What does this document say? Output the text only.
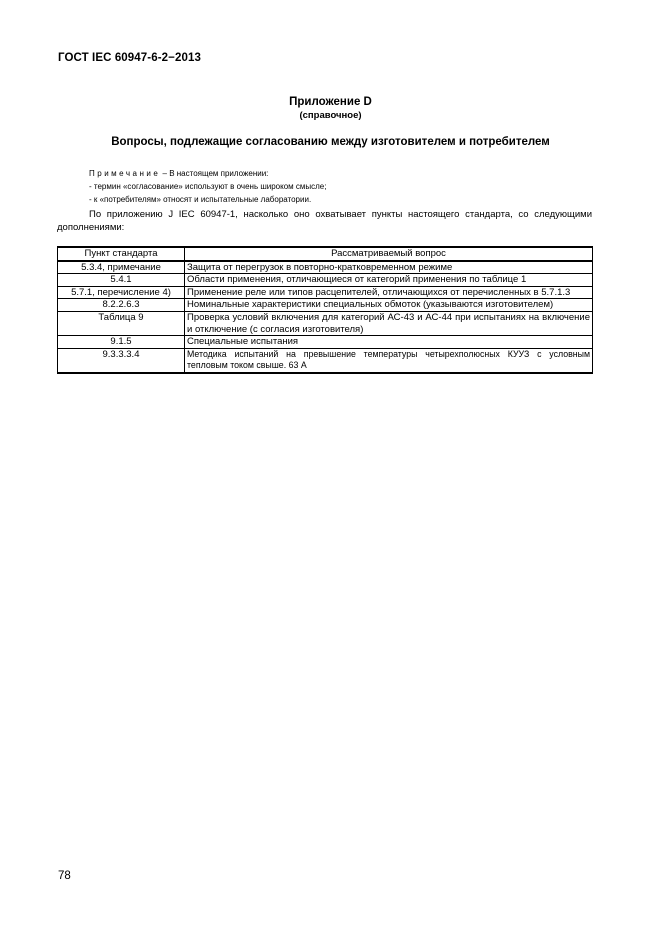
ГОСТ IEC 60947-6-2−2013
Приложение D
(справочное)
Вопросы, подлежащие согласованию между изготовителем и потребителем
Примечание – В настоящем приложении:
- термин «согласование» используют в очень широком смысле;
- к «потребителям» относят и испытательные лаборатории.
По приложению J IEC 60947-1, насколько оно охватывает пункты настоящего стандарта, со следующими дополнениями:
Пункт стандарта	Рассматриваемый вопрос
5.3.4, примечание	Защита от перегрузок в повторно-кратковременном режиме
5.4.1	Области применения, отличающиеся от категорий применения по таблице 1
5.7.1, перечисление 4)	Применение реле или типов расцепителей, отличающихся от перечисленных в 5.7.1.3
8.2.2.6.3	Номинальные характеристики специальных обмоток (указываются изготовителем)
Таблица 9	Проверка условий включения для категорий АС-43 и АС-44 при испытаниях на включение и отключение (с согласия изготовителя)
9.1.5	Специальные испытания
9.3.3.3.4	Методика испытаний на превышение температуры четырехполюсных КУУЗ с условным тепловым током свыше. 63 А
78
